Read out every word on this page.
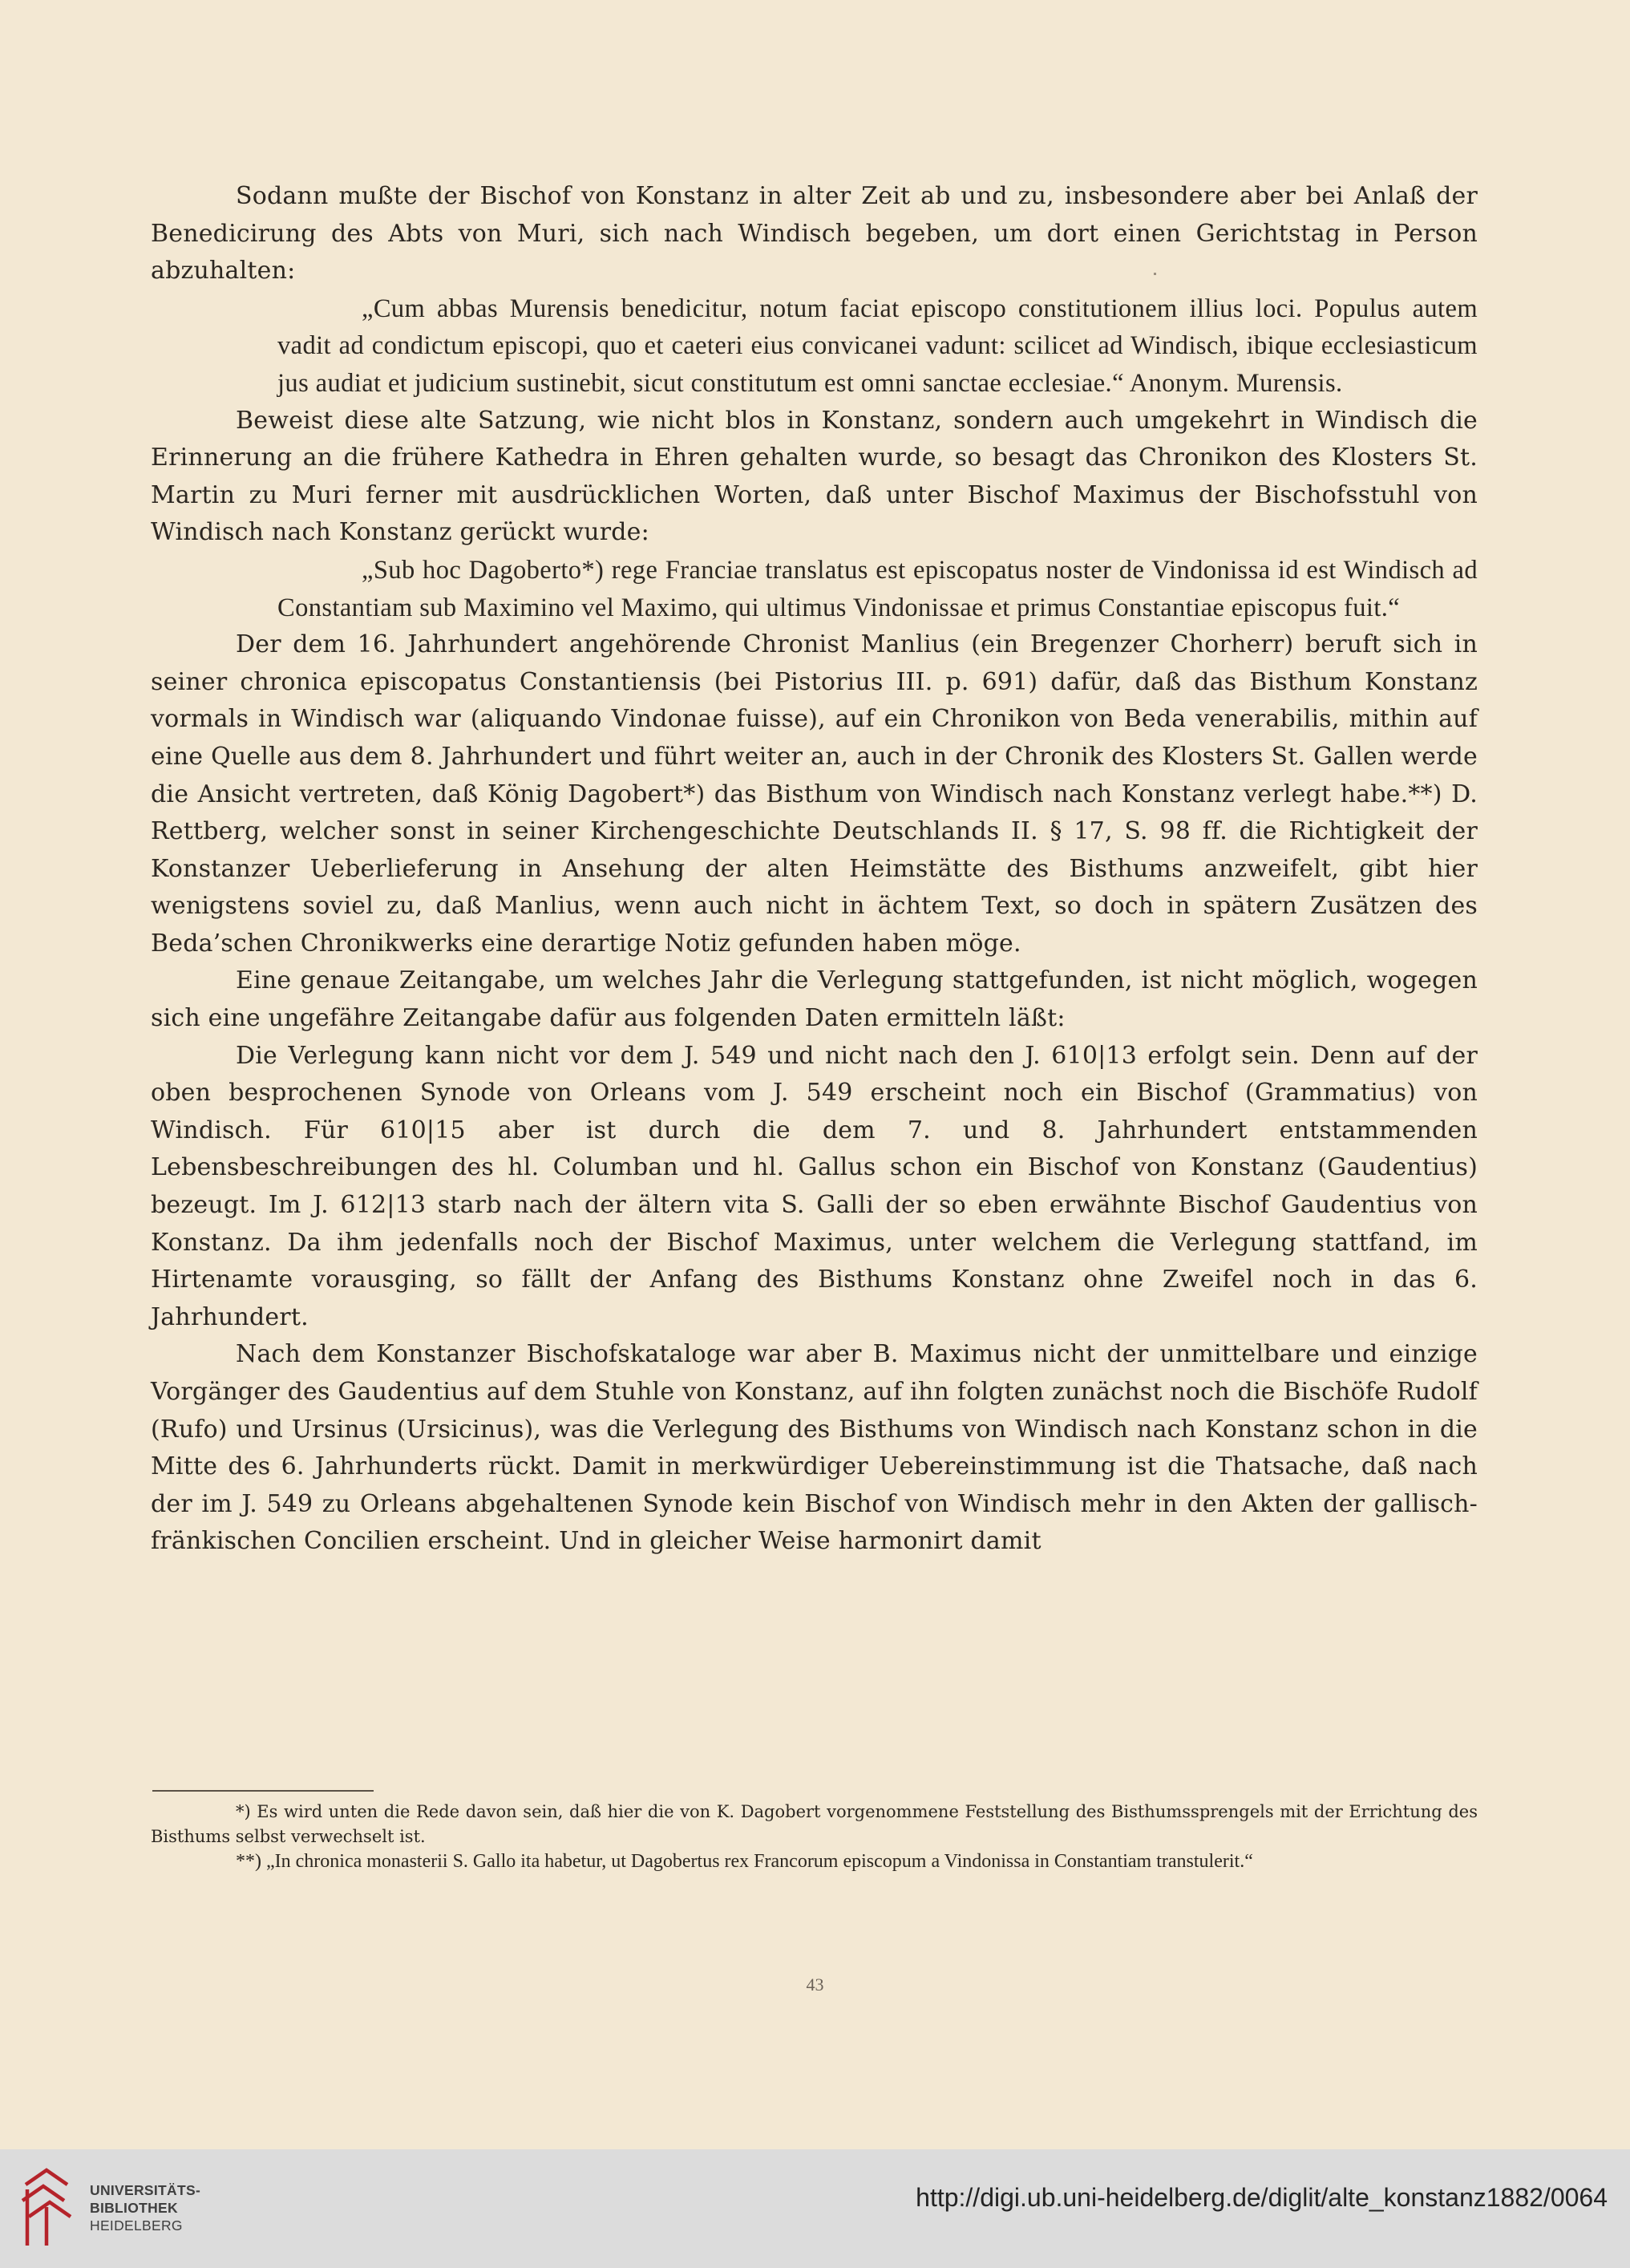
Sodann mußte der Bischof von Konstanz in alter Zeit ab und zu, insbesondere aber bei Anlaß der Benedicirung des Abts von Muri, sich nach Windisch begeben, um dort einen Gerichtstag in Person abzuhalten:

„Cum abbas Murensis benedicitur, notum faciat episcopo constitutionem illius loci. Populus autem vadit ad condictum episcopi, quo et caeteri eius convicanei vadunt: scilicet ad Windisch, ibique ecclesiasticum jus audiat et judicium sustinebit, sicut constitutum est omni sanctae ecclesiae.“ Anonym. Murensis.

Beweist diese alte Satzung, wie nicht blos in Konstanz, sondern auch umgekehrt in Windisch die Erinnerung an die frühere Kathedra in Ehren gehalten wurde, so besagt das Chronikon des Klosters St. Martin zu Muri ferner mit ausdrücklichen Worten, daß unter Bischof Maximus der Bischofsstuhl von Windisch nach Konstanz gerückt wurde:

„Sub hoc Dagoberto*) rege Franciae translatus est episcopatus noster de Vindonissa id est Windisch ad Constantiam sub Maximino vel Maximo, qui ultimus Vindonissae et primus Constantiae episcopus fuit.“

Der dem 16. Jahrhundert angehörende Chronist Manlius (ein Bregenzer Chorherr) beruft sich in seiner chronica episcopatus Constantiensis (bei Pistorius III. p. 691) dafür, daß das Bisthum Konstanz vormals in Windisch war (aliquando Vindonae fuisse), auf ein Chronikon von Beda venerabilis, mithin auf eine Quelle aus dem 8. Jahrhundert und führt weiter an, auch in der Chronik des Klosters St. Gallen werde die Ansicht vertreten, daß König Dagobert*) das Bisthum von Windisch nach Konstanz verlegt habe.**) D. Rettberg, welcher sonst in seiner Kirchengeschichte Deutschlands II. § 17, S. 98 ff. die Richtigkeit der Konstanzer Ueberlieferung in Ansehung der alten Heimstätte des Bisthums anzweifelt, gibt hier wenigstens soviel zu, daß Manlius, wenn auch nicht in ächtem Text, so doch in spätern Zusätzen des Beda’schen Chronikwerks eine derartige Notiz gefunden haben möge.

Eine genaue Zeitangabe, um welches Jahr die Verlegung stattgefunden, ist nicht möglich, wogegen sich eine ungefähre Zeitangabe dafür aus folgenden Daten ermitteln läßt:

Die Verlegung kann nicht vor dem J. 549 und nicht nach den J. 610|13 erfolgt sein. Denn auf der oben besprochenen Synode von Orleans vom J. 549 erscheint noch ein Bischof (Grammatius) von Windisch. Für 610|15 aber ist durch die dem 7. und 8. Jahrhundert entstammenden Lebensbeschreibungen des hl. Columban und hl. Gallus schon ein Bischof von Konstanz (Gaudentius) bezeugt. Im J. 612|13 starb nach der ältern vita S. Galli der so eben erwähnte Bischof Gaudentius von Konstanz. Da ihm jedenfalls noch der Bischof Maximus, unter welchem die Verlegung stattfand, im Hirtenamte vorausging, so fällt der Anfang des Bisthums Konstanz ohne Zweifel noch in das 6. Jahrhundert.

Nach dem Konstanzer Bischofskataloge war aber B. Maximus nicht der unmittelbare und einzige Vorgänger des Gaudentius auf dem Stuhle von Konstanz, auf ihn folgten zunächst noch die Bischöfe Rudolf (Rufo) und Ursinus (Ursicinus), was die Verlegung des Bisthums von Windisch nach Konstanz schon in die Mitte des 6. Jahrhunderts rückt. Damit in merkwürdiger Uebereinstimmung ist die Thatsache, daß nach der im J. 549 zu Orleans abgehaltenen Synode kein Bischof von Windisch mehr in den Akten der gallisch-fränkischen Concilien erscheint. Und in gleicher Weise harmonirt damit

*) Es wird unten die Rede davon sein, daß hier die von K. Dagobert vorgenommene Feststellung des Bisthumssprengels mit der Errichtung des Bisthums selbst verwechselt ist.

**) „In chronica monasterii S. Gallo ita habetur, ut Dagobertus rex Francorum episcopum a Vindonissa in Constantiam transtulerit.“

43
UNIVERSITÄTS-
BIBLIOTHEK
HEIDELBERG
http://digi.ub.uni-heidelberg.de/diglit/alte_konstanz1882/0064
